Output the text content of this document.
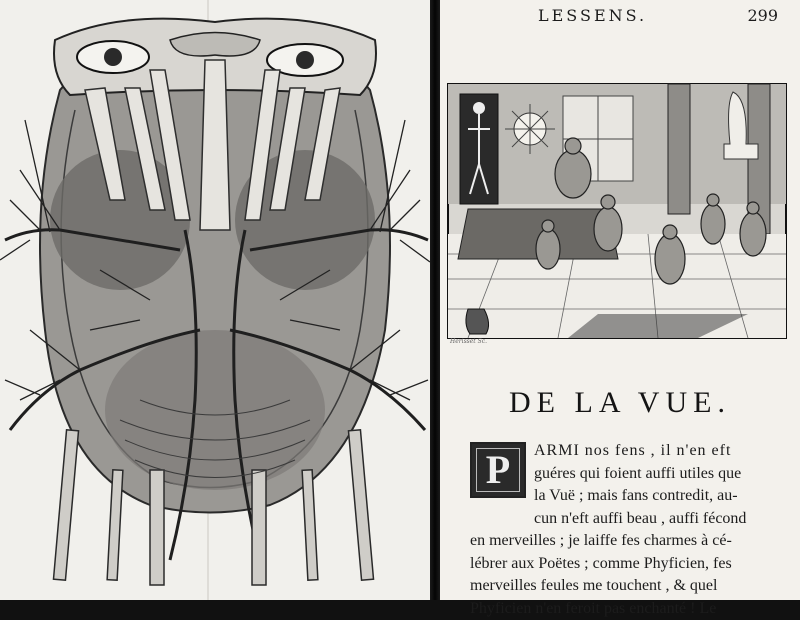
LESSENS.	299
Herisset Sc.
DE LA VUE.
P	ARMI nos fens , il n'en eft
guéres qui foient auffi utiles que
la Vuë ; mais fans contredit, au-
cun n'eft auffi beau , auffi fécond
en merveilles ; je laiffe fes charmes à cé-
lébrer aux Poëtes ; comme Phyficien, fes
merveilles feules me touchent , & quel
Phyficien n'en feroit pas enchanté ! Le
